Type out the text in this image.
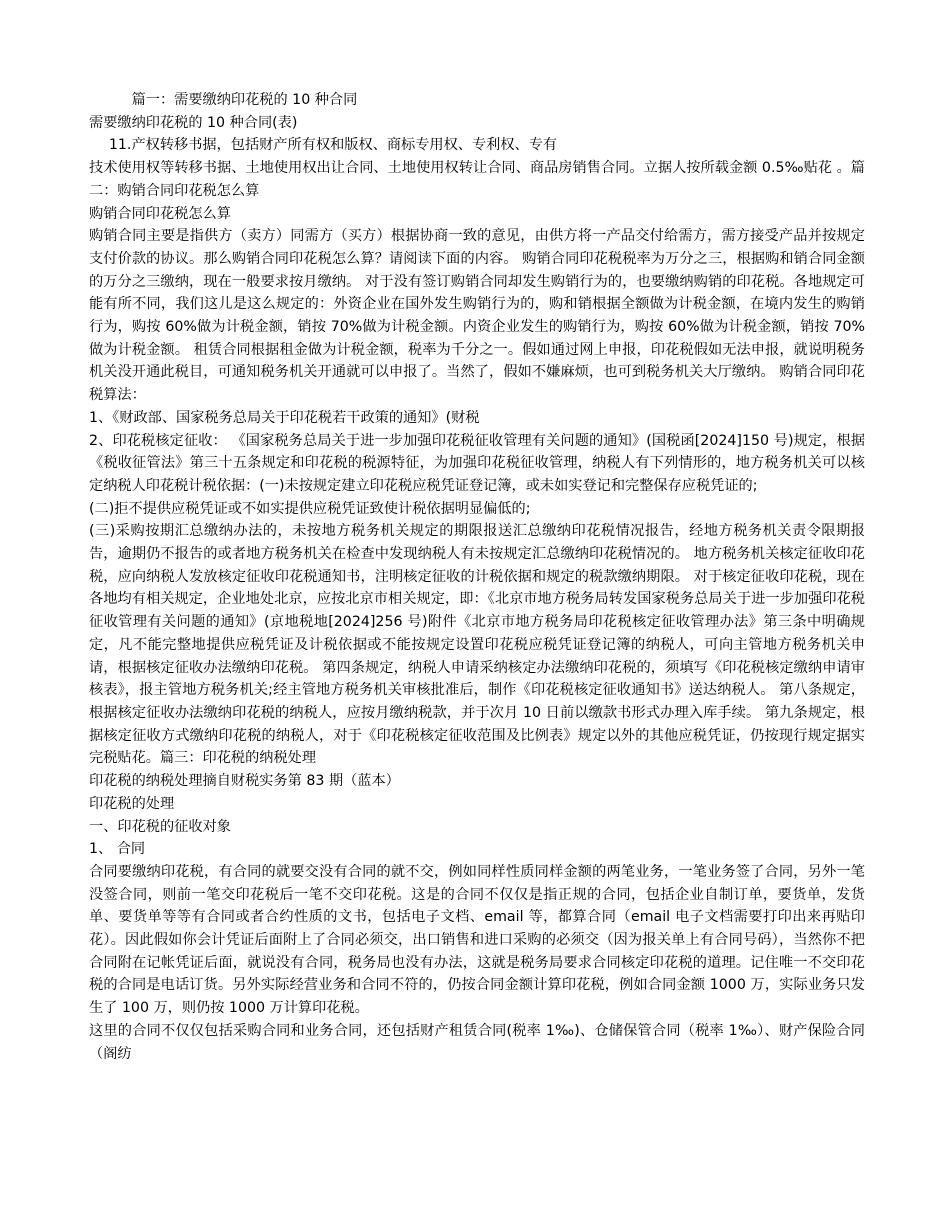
篇一：需要缴纳印花税的 10 种合同

需要缴纳印花税的 10 种合同(表)

11.产权转移书据，包括财产所有权和版权、商标专用权、专利权、专有

技术使用权等转移书据、土地使用权出让合同、土地使用权转让合同、商品房销售合同。立据人按所载金额 0.5‰贴花 。篇二：购销合同印花税怎么算

购销合同印花税怎么算

购销合同主要是指供方（卖方）同需方（买方）根据协商一致的意见，由供方将一产品交付给需方，需方接受产品并按规定支付价款的协议。那么购销合同印花税怎么算？请阅读下面的内容。 购销合同印花税税率为万分之三，根据购和销合同金额的万分之三缴纳，现在一般要求按月缴纳。 对于没有签订购销合同却发生购销行为的，也要缴纳购销的印花税。各地规定可能有所不同，我们这儿是这么规定的：外资企业在国外发生购销行为的，购和销根据全额做为计税金额，在境内发生的购销行为，购按 60%做为计税金额，销按 70%做为计税金额。内资企业发生的购销行为，购按 60%做为计税金额，销按 70%做为计税金额。 租赁合同根据租金做为计税金额，税率为千分之一。假如通过网上申报，印花税假如无法申报，就说明税务机关没开通此税目，可通知税务机关开通就可以申报了。当然了，假如不嫌麻烦，也可到税务机关大厅缴纳。 购销合同印花税算法：

1、《财政部、国家税务总局关于印花税若干政策的通知》(财税

2、印花税核定征收： 《国家税务总局关于进一步加强印花税征收管理有关问题的通知》(国税函[2024]150 号)规定，根据《税收征管法》第三十五条规定和印花税的税源特征，为加强印花税征收管理，纳税人有下列情形的，地方税务机关可以核定纳税人印花税计税依据：(一)未按规定建立印花税应税凭证登记簿，或未如实登记和完整保存应税凭证的;

(二)拒不提供应税凭证或不如实提供应税凭证致使计税依据明显偏低的;

(三)采购按期汇总缴纳办法的，未按地方税务机关规定的期限报送汇总缴纳印花税情况报告，经地方税务机关责令限期报告，逾期仍不报告的或者地方税务机关在检查中发现纳税人有未按规定汇总缴纳印花税情况的。 地方税务机关核定征收印花税，应向纳税人发放核定征收印花税通知书，注明核定征收的计税依据和规定的税款缴纳期限。 对于核定征收印花税，现在各地均有相关规定，企业地处北京，应按北京市相关规定，即：《北京市地方税务局转发国家税务总局关于进一步加强印花税征收管理有关问题的通知》(京地税地[2024]256 号)附件《北京市地方税务局印花税核定征收管理办法》第三条中明确规定，凡不能完整地提供应税凭证及计税依据或不能按规定设置印花税应税凭证登记簿的纳税人，可向主管地方税务机关申请，根据核定征收办法缴纳印花税。 第四条规定，纳税人申请采纳核定办法缴纳印花税的，须填写《印花税核定缴纳申请审核表》，报主管地方税务机关;经主管地方税务机关审核批准后，制作《印花税核定征收通知书》送达纳税人。 第八条规定，根据核定征收办法缴纳印花税的纳税人，应按月缴纳税款，并于次月 10 日前以缴款书形式办理入库手续。 第九条规定，根据核定征收方式缴纳印花税的纳税人，对于《印花税核定征收范围及比例表》规定以外的其他应税凭证，仍按现行规定据实完税贴花。篇三：印花税的纳税处理

印花税的纳税处理摘自财税实务第 83 期（蓝本）

印花税的处理

一、印花税的征收对象

1、 合同

合同要缴纳印花税，有合同的就要交没有合同的就不交，例如同样性质同样金额的两笔业务，一笔业务签了合同，另外一笔没签合同，则前一笔交印花税后一笔不交印花税。这是的合同不仅仅是指正规的合同，包括企业自制订单，要货单，发货单、要货单等等有合同或者合约性质的文书，包括电子文档、email 等，都算合同（email 电子文档需要打印出来再贴印花）。因此假如你会计凭证后面附上了合同必须交，出口销售和进口采购的必须交（因为报关单上有合同号码），当然你不把合同附在记帐凭证后面，就说没有合同，税务局也没有办法，这就是税务局要求合同核定印花税的道理。记住唯一不交印花税的合同是电话订货。另外实际经营业务和合同不符的，仍按合同金额计算印花税，例如合同金额 1000 万，实际业务只发生了 100 万，则仍按 1000 万计算印花税。

这里的合同不仅仅包括采购合同和业务合同，还包括财产租赁合同(税率 1‰)、仓储保管合同（税率 1‰）、财产保险合同（阁纺
